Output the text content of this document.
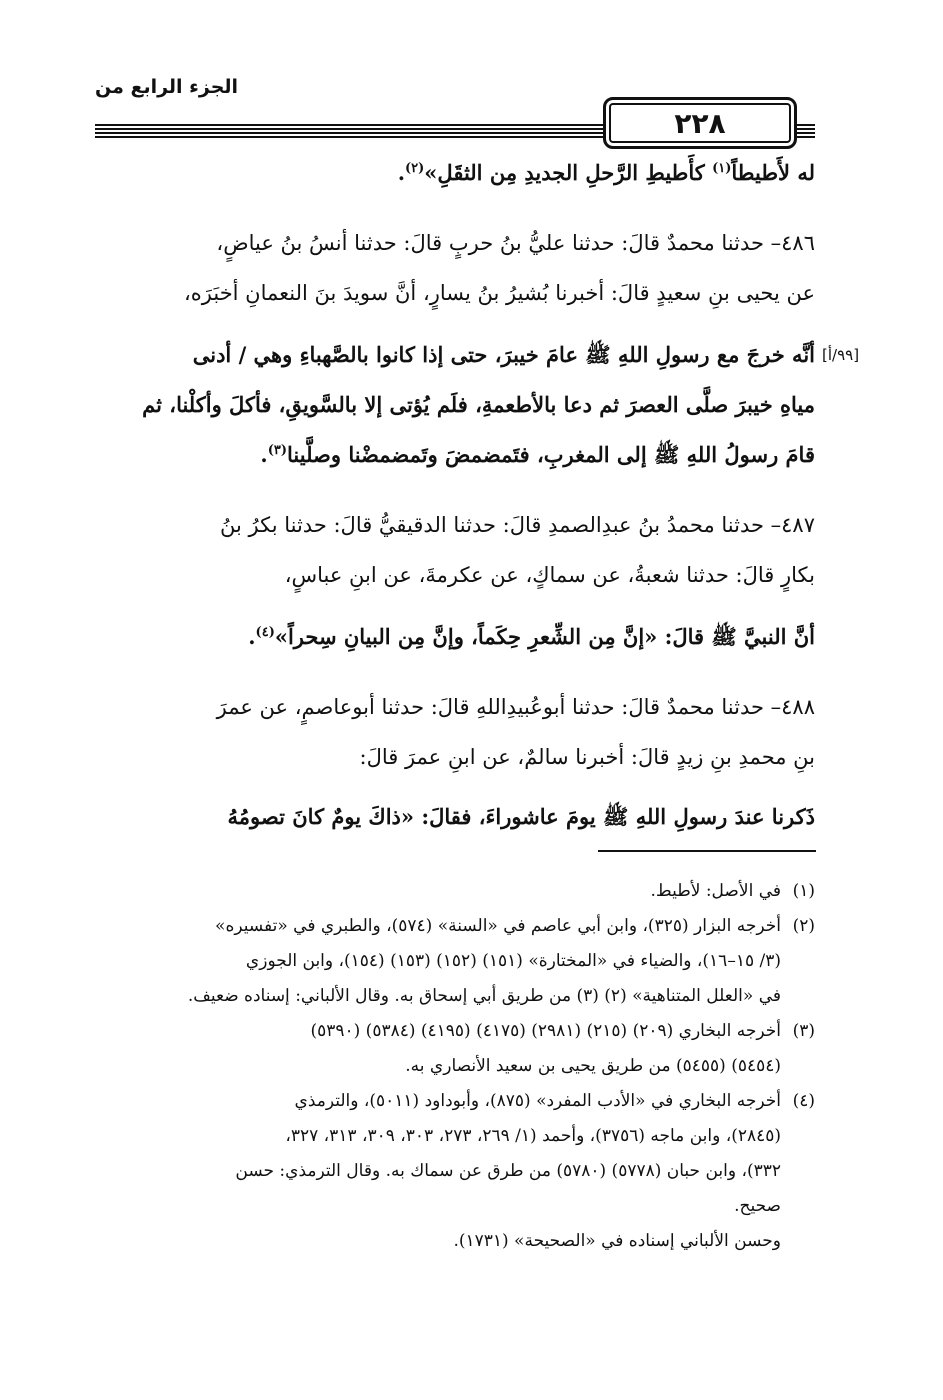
الجزء الرابع من
٢٢٨
له لأَطيطاً$^{(١)}$ كأَطيطِ الرَّحلِ الجديدِ مِن الثقَلِ»$^{(٢)}$.
٤٨٦– حدثنا محمدٌ قالَ: حدثنا عليُّ بنُ حربٍ قالَ: حدثنا أنسُ بنُ عياضٍ،
عن يحيى بنِ سعيدٍ قالَ: أخبرنا بُشيرُ بنُ يسارٍ، أنَّ سويدَ بنَ النعمانِ أخبَرَه،
[٩٩/أ]
أنَّه خرجَ مع رسولِ اللهِ ﷺ عامَ خيبرَ، حتى إذا كانوا بالصَّهباءِ وهي / أدنى
مياهِ خيبرَ صلَّى العصرَ ثم دعا بالأطعمةِ، فلَم يُؤتى إلا بالسَّويقِ، فأكلَ وأكلْنا، ثم
قامَ رسولُ اللهِ ﷺ إلى المغربِ، فتَمضمضَ وتَمضمضْنا وصلَّينا$^{(٣)}$.
٤٨٧– حدثنا محمدُ بنُ عبدِالصمدِ قالَ: حدثنا الدقيقيُّ قالَ: حدثنا بكرُ بنُ
بكارٍ قالَ: حدثنا شعبةُ، عن سماكٍ، عن عكرمةَ، عن ابنِ عباسٍ،
أنَّ النبيَّ ﷺ قالَ: «إنَّ مِن الشِّعرِ حِكَماً، وإنَّ مِن البيانِ سِحراً»$^{(٤)}$.
٤٨٨– حدثنا محمدٌ قالَ: حدثنا أبوعُبيدِاللهِ قالَ: حدثنا أبوعاصمٍ، عن عمرَ
بنِ محمدِ بنِ زيدٍ قالَ: أخبرنا سالمٌ، عن ابنِ عمرَ قالَ:
ذَكرنا عندَ رسولِ اللهِ ﷺ يومَ عاشوراءَ، فقالَ: «ذاكَ يومٌ كانَ تصومُهُ
(١)في الأصل: لأطيط.
(٢)أخرجه البزار (٣٢٥)، وابن أبي عاصم في «السنة» (٥٧٤)، والطبري في «تفسيره»
(٣/ ١٥–١٦)، والضياء في «المختارة» (١٥١) (١٥٢) (١٥٣) (١٥٤)، وابن الجوزي
في «العلل المتناهية» (٢) (٣) من طريق أبي إسحاق به. وقال الألباني: إسناده ضعيف.
(٣)أخرجه البخاري (٢٠٩) (٢١٥) (٢٩٨١) (٤١٧٥) (٤١٩٥) (٥٣٨٤) (٥٣٩٠)
(٥٤٥٤) (٥٤٥٥) من طريق يحيى بن سعيد الأنصاري به.
(٤)أخرجه البخاري في «الأدب المفرد» (٨٧٥)، وأبوداود (٥٠١١)، والترمذي
(٢٨٤٥)، وابن ماجه (٣٧٥٦)، وأحمد (١/ ٢٦٩، ٢٧٣، ٣٠٣، ٣٠٩، ٣١٣، ٣٢٧،
٣٣٢)، وابن حبان (٥٧٧٨) (٥٧٨٠) من طرق عن سماك به. وقال الترمذي: حسن
صحيح.
وحسن الألباني إسناده في «الصحيحة» (١٧٣١).
